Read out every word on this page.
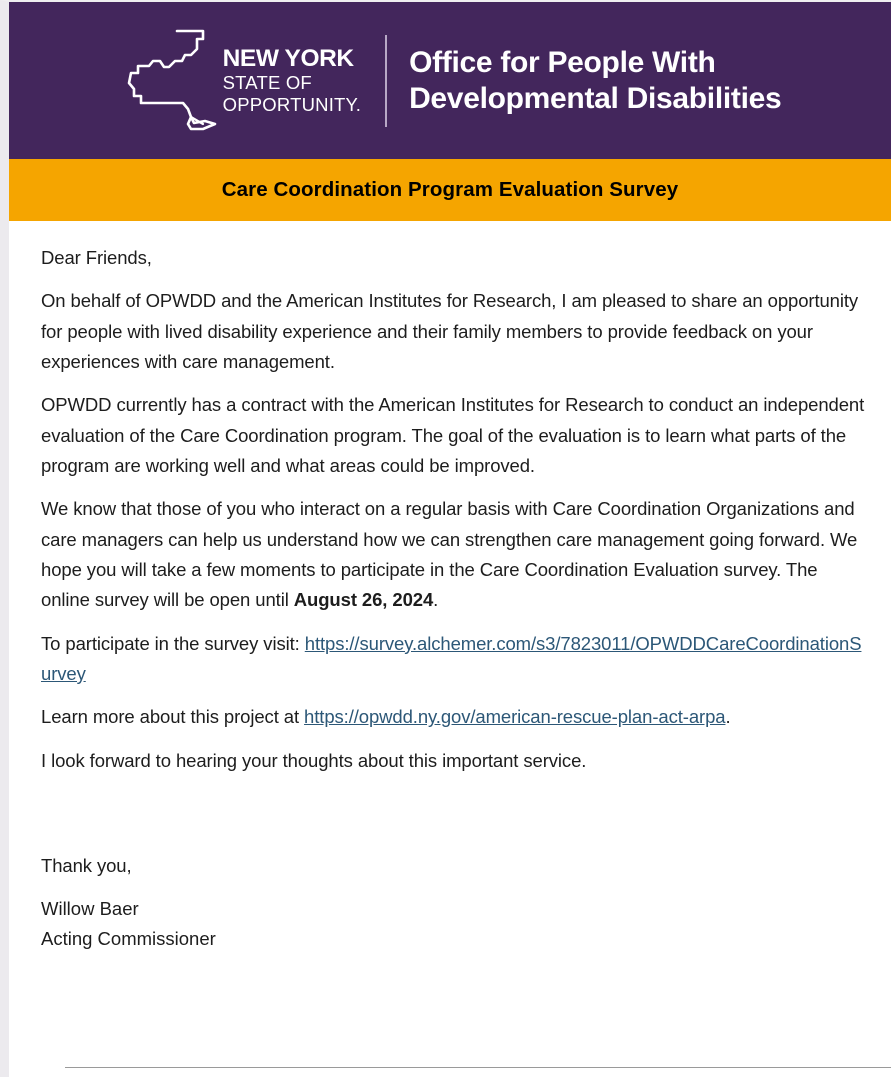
NEW YORK
STATE OF
OPPORTUNITY.
Office for People With
Developmental Disabilities
Care Coordination Program Evaluation Survey

Dear Friends,

On behalf of OPWDD and the American Institutes for Research, I am pleased to share an opportunity for people with lived disability experience and their family members to provide feedback on your experiences with care management.

OPWDD currently has a contract with the American Institutes for Research to conduct an independent evaluation of the Care Coordination program. The goal of the evaluation is to learn what parts of the program are working well and what areas could be improved.

We know that those of you who interact on a regular basis with Care Coordination Organizations and care managers can help us understand how we can strengthen care management going forward. We hope you will take a few moments to participate in the Care Coordination Evaluation survey. The online survey will be open until August 26, 2024.

To participate in the survey visit: https://survey.alchemer.com/s3/7823011/OPWDDCareCoordinationSurvey

Learn more about this project at https://opwdd.ny.gov/american-rescue-plan-act-arpa.

I look forward to hearing your thoughts about this important service.

Thank you,

Willow Baer
Acting Commissioner
